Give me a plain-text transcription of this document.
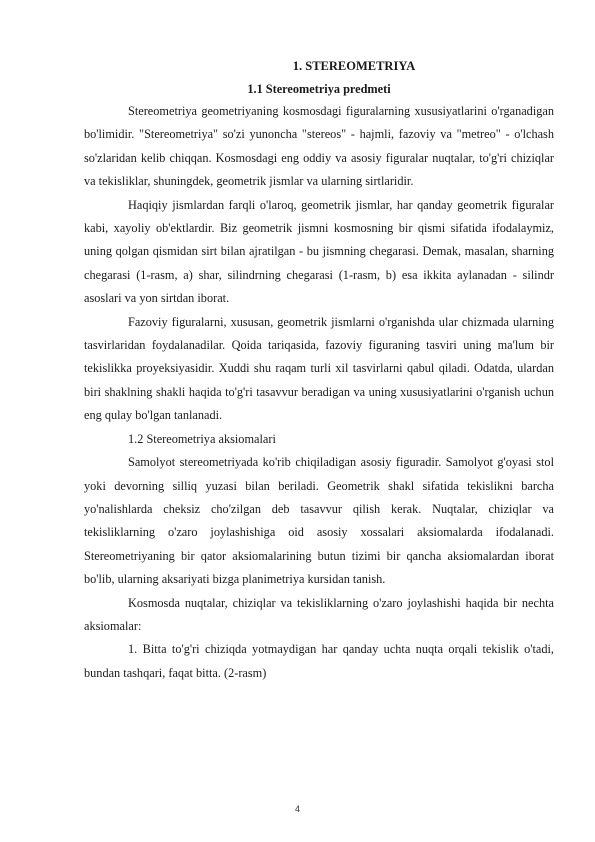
1. STEREOMETRIYA
1.1 Stereometriya predmeti

Stereometriya geometriyaning kosmosdagi figuralarning xususiyatlarini o'rganadigan bo'limidir. "Stereometriya" so'zi yunoncha "stereos" - hajmli, fazoviy va "metreo" - o'lchash so'zlaridan kelib chiqqan. Kosmosdagi eng oddiy va asosiy figuralar nuqtalar, to'g'ri chiziqlar va tekisliklar, shuningdek, geometrik jismlar va ularning sirtlaridir.

Haqiqiy jismlardan farqli o'laroq, geometrik jismlar, har qanday geometrik figuralar kabi, xayoliy ob'ektlardir. Biz geometrik jismni kosmosning bir qismi sifatida ifodalaymiz, uning qolgan qismidan sirt bilan ajratilgan - bu jismning chegarasi. Demak, masalan, sharning chegarasi (1-rasm, a) shar, silindrning chegarasi (1-rasm, b) esa ikkita aylanadan - silindr asoslari va yon sirtdan iborat.

Fazoviy figuralarni, xususan, geometrik jismlarni o'rganishda ular chizmada ularning tasvirlaridan foydalanadilar. Qoida tariqasida, fazoviy figuraning tasviri uning ma'lum bir tekislikka proyeksiyasidir. Xuddi shu raqam turli xil tasvirlarni qabul qiladi. Odatda, ulardan biri shaklning shakli haqida to'g'ri tasavvur beradigan va uning xususiyatlarini o'rganish uchun eng qulay bo'lgan tanlanadi.

1.2 Stereometriya aksiomalari

Samolyot stereometriyada ko'rib chiqiladigan asosiy figuradir. Samolyot g'oyasi stol yoki devorning silliq yuzasi bilan beriladi. Geometrik shakl sifatida tekislikni barcha yo'nalishlarda cheksiz cho'zilgan deb tasavvur qilish kerak. Nuqtalar, chiziqlar va tekisliklarning o'zaro joylashishiga oid asosiy xossalari aksiomalarda ifodalanadi. Stereometriyaning bir qator aksiomalarining butun tizimi bir qancha aksiomalardan iborat bo'lib, ularning aksariyati bizga planimetriya kursidan tanish.

Kosmosda nuqtalar, chiziqlar va tekisliklarning o'zaro joylashishi haqida bir nechta aksiomalar:

1. Bitta to'g'ri chiziqda yotmaydigan har qanday uchta nuqta orqali tekislik o'tadi, bundan tashqari, faqat bitta. (2-rasm)

4
